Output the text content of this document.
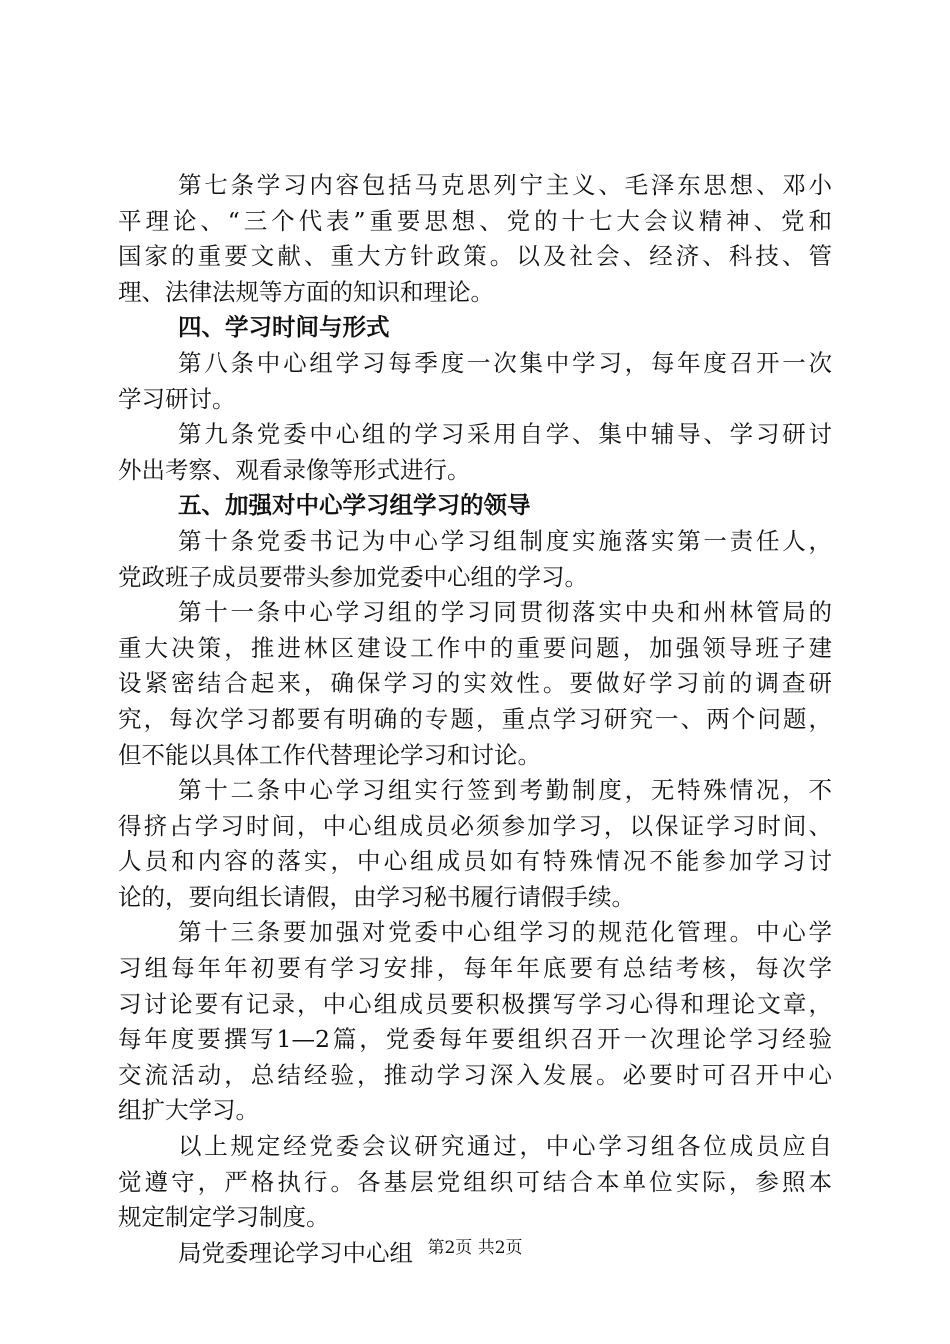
第七条学习内容包括马克思列宁主义、毛泽东思想、邓小
平理论、“三个代表”重要思想、党的十七大会议精神、党和
国家的重要文献、重大方针政策。以及社会、经济、科技、管
理、法律法规等方面的知识和理论。
四、学习时间与形式
第八条中心组学习每季度一次集中学习，每年度召开一次
学习研讨。
第九条党委中心组的学习采用自学、集中辅导、学习研讨
外出考察、观看录像等形式进行。
五、加强对中心学习组学习的领导
第十条党委书记为中心学习组制度实施落实第一责任人，
党政班子成员要带头参加党委中心组的学习。
第十一条中心学习组的学习同贯彻落实中央和州林管局的
重大决策，推进林区建设工作中的重要问题，加强领导班子建
设紧密结合起来，确保学习的实效性。要做好学习前的调查研
究，每次学习都要有明确的专题，重点学习研究一、两个问题，
但不能以具体工作代替理论学习和讨论。
第十二条中心学习组实行签到考勤制度，无特殊情况，不
得挤占学习时间，中心组成员必须参加学习，以保证学习时间、
人员和内容的落实，中心组成员如有特殊情况不能参加学习讨
论的，要向组长请假，由学习秘书履行请假手续。
第十三条要加强对党委中心组学习的规范化管理。中心学
习组每年年初要有学习安排，每年年底要有总结考核，每次学
习讨论要有记录，中心组成员要积极撰写学习心得和理论文章，
每年度要撰写1—2篇，党委每年要组织召开一次理论学习经验
交流活动，总结经验，推动学习深入发展。必要时可召开中心
组扩大学习。
以上规定经党委会议研究通过，中心学习组各位成员应自
觉遵守，严格执行。各基层党组织可结合本单位实际，参照本
规定制定学习制度。
局党委理论学习中心组 第2页 共2页
